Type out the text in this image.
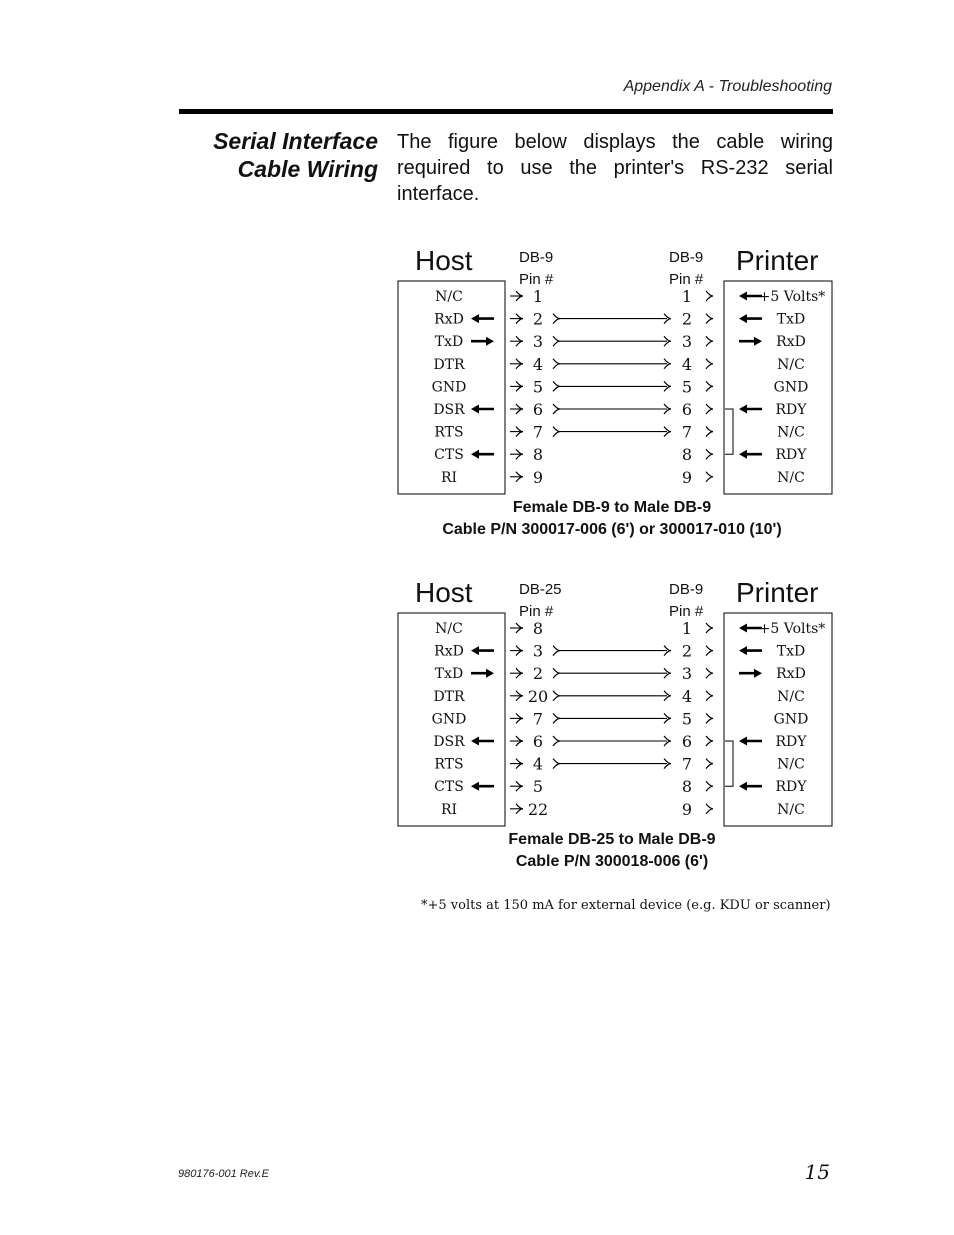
Appendix A - Troubleshooting
Serial Interface
Cable Wiring
The figure below displays the cable wiring required to use the printer's RS-232 serial interface.
Host	Printer
DB-9
Pin #
DB-9
Pin #
N/C	1	1	+5 Volts*
RxD	2	2	TxD
TxD	3	3	RxD
DTR	4	4	N/C
GND	5	5	GND
DSR	6	6	RDY
RTS	7	7	N/C
CTS	8	8	RDY
RI	9	9	N/C
Female DB-9 to Male DB-9
Cable P/N 300017-006 (6') or 300017-010 (10')
Host	Printer
DB-25
Pin #
DB-9
Pin #
N/C	8	1	+5 Volts*
RxD	3	2	TxD
TxD	2	3	RxD
DTR	20	4	N/C
GND	7	5	GND
DSR	6	6	RDY
RTS	4	7	N/C
CTS	5	8	RDY
RI	22	9	N/C
Female DB-25 to Male DB-9
Cable P/N 300018-006 (6')
*+5 volts at 150 mA for external device (e.g. KDU or scanner)
980176-001 Rev.E	15
